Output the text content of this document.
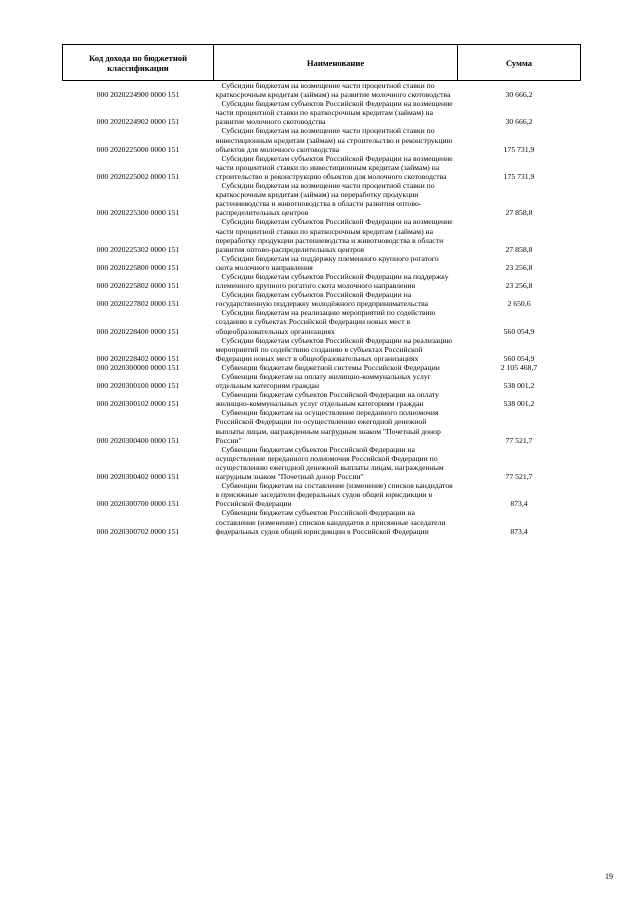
Код дохода по бюджетной классификации	Наименование	Сумма
000 2020224900 0000 151	Субсидии бюджетам на возмещение части процентной ставки по краткосрочным кредитам (займам) на развитие молочного скотоводства	30 666,2
000 2020224902 0000 151	Субсидии бюджетам субъектов Российской Федерации на возмещение части процентной ставки по краткосрочным кредитам (займам) на развитие молочного скотоводства	30 666,2
000 2020225000 0000 151	Субсидии бюджетам на возмещение части процентной ставки по инвестиционным кредитам (займам) на строительство и реконструкцию объектов для молочного скотоводства	175 731,9
000 2020225002 0000 151	Субсидии бюджетам субъектов Российской Федерации на возмещение части процентной ставки по инвестиционным кредитам (займам) на строительство и реконструкцию объектов для молочного скотоводства	175 731,9
000 2020225300 0000 151	Субсидии бюджетам на возмещение части процентной ставки по краткосрочным кредитам (займам) на переработку продукции растениеводства и животноводства в области развития оптово-распределительных центров	27 858,8
000 2020225302 0000 151	Субсидии бюджетам субъектов Российской Федерации на возмещение части процентной ставки по краткосрочным кредитам (займам) на переработку продукции растениеводства и животноводства в области развития оптово-распределительных центров	27 858,8
000 2020225800 0000 151	Субсидии бюджетам на поддержку племенного крупного рогатого скота молочного направления	23 256,8
000 2020225802 0000 151	Субсидии бюджетам субъектов Российской Федерации на поддержку племенного крупного рогатого скота молочного направления	23 256,8
000 2020227802 0000 151	Субсидии бюджетам субъектов Российской Федерации на государственную поддержку молодёжного предпринимательства	2 650,6
000 2020228400 0000 151	Субсидии бюджетам на реализацию мероприятий по содействию созданию в субъектах Российской Федерации новых мест в общеобразовательных организациях	560 054,9
000 2020228402 0000 151	Субсидии бюджетам субъектов Российской Федерации на реализацию мероприятий по содействию созданию в субъектах Российской Федерации новых мест в общеобразовательных организациях	560 054,9
000 2020300000 0000 151	Субвенции бюджетам бюджетной системы Российской Федерации	2 105 468,7
000 2020300100 0000 151	Субвенции бюджетам на оплату жилищно-коммунальных услуг отдельным категориям граждан	538 001,2
000 2020300102 0000 151	Субвенции бюджетам субъектов Российской Федерации на оплату жилищно-коммунальных услуг отдельным категориям граждан	538 001,2
000 2020300400 0000 151	Субвенции бюджетам на осуществление переданного полномочия Российской Федерации по осуществлению ежегодной денежной выплаты лицам, награжденным нагрудным знаком "Почетный донор России"	77 521,7
000 2020300402 0000 151	Субвенции бюджетам субъектов Российской Федерации на осуществление переданного полномочия Российской Федерации по осуществлению ежегодной денежной выплаты лицам, награжденным нагрудным знаком "Почетный донор России"	77 521,7
000 2020300700 0000 151	Субвенции бюджетам на составление (изменение) списков кандидатов в присяжные заседатели федеральных судов общей юрисдикции в Российской Федерации	873,4
000 2020300702 0000 151	Субвенции бюджетам субъектов Российской Федерации на составление (изменение) списков кандидатов в присяжные заседатели федеральных судов общей юрисдикции в Российской Федерации	873,4
19
